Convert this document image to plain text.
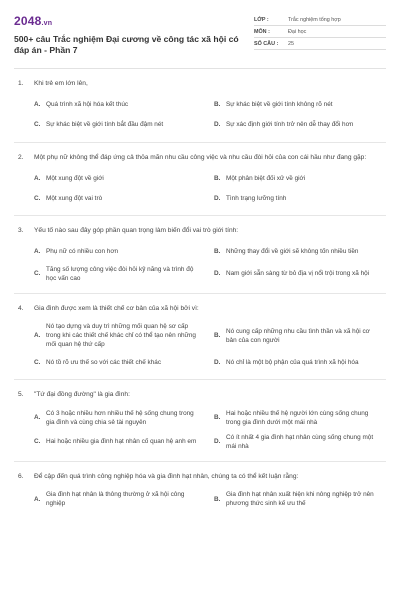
2048.vn
500+ câu Trắc nghiệm Đại cương về công tác xã hội có đáp án - Phần 7
LỚP :	Trắc nghiệm tổng hợp
MÔN :	Đại học
SỐ CÂU :	25
1.	Khi trẻ em lớn lên,
A. Quá trình xã hội hóa kết thúc	B. Sự khác biệt về giới tính không rõ nét
C. Sự khác biệt về giới tính bắt đầu đậm nét	D. Sự xác định giới tính trở nên dễ thay đổi hơn
2.	Một phụ nữ không thể đáp ứng cả thỏa mãn nhu cầu công việc và nhu cầu đòi hỏi của con cái hầu như đang gặp:
A. Một xung đột về giới	B. Một phân biệt đối xử về giới
C. Một xung đột vai trò	D. Tình trạng lưỡng tính
3.	Yếu tố nào sau đây góp phần quan trọng làm biến đổi vai trò giới tính:
A. Phụ nữ có nhiều con hơn	B. Những thay đổi về giới sẽ không tốn nhiều tiền
C.
Tăng số lượng công việc đòi hỏi kỹ năng và trình độ học vấn cao
D. Nam giới sẵn sàng từ bỏ địa vị nổi trội trong xã hội
4.	Gia đình được xem là thiết chế cơ bản của xã hội bởi vì:
A.
Nó tạo dựng và duy trì những mối quan hệ sơ cấp trong khi các thiết chế khác chỉ có thể tạo nên những mối quan hệ thứ cấp
B.
Nó cung cấp những nhu cầu tình thần và xã hội cơ bản của con người
C. Nó tồ rõ ưu thế so với các thiết chế khác	D. Nó chỉ là một bộ phận của quá trình xã hội hóa
5.	"Tứ đại đồng đường" là gia đình:
A.
Có 3 hoặc nhiều hơn nhiều thế hệ sống chung trong gia đình và cùng chia sẻ tài nguyên
B.
Hai hoặc nhiều thế hệ người lớn cùng sống chung trong gia đình dưới một mái nhà
C. Hai hoặc nhiều gia đình hạt nhân cố quan hệ anh em	D.
Có ít nhất 4 gia đình hạt nhân cùng sống chung một mái nhà
6.	Để cập đến quá trình công nghiệp hóa và gia đình hạt nhân, chúng ta có thể kết luận rằng:
A.
Gia đình hạt nhân là thông thường ở xã hội công nghiệp
B.
Gia đình hạt nhân xuất hiện khi nông nghiệp trở nên phương thức sinh kế ưu thế
